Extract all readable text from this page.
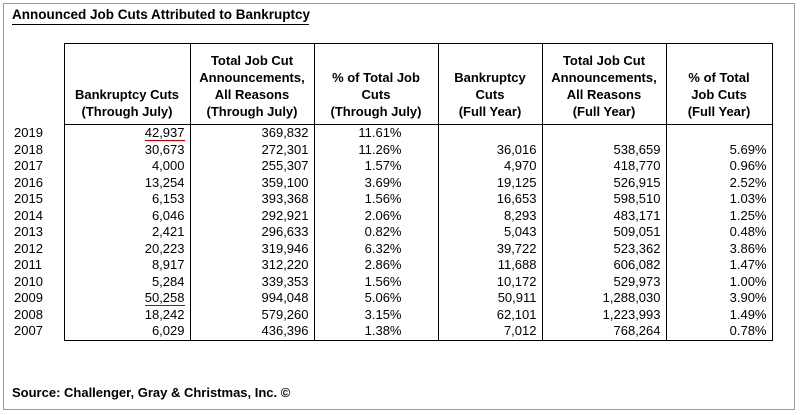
Announced Job Cuts Attributed to Bankruptcy
	Bankruptcy Cuts
(Through July)	Total Job Cut
Announcements,
All Reasons
(Through July)	% of Total Job
Cuts
(Through July)	Bankruptcy
Cuts
(Full Year)	Total Job Cut
Announcements,
All Reasons
(Full Year)	% of Total
Job Cuts
(Full Year)
2019	42,937	369,832	11.61%			
2018	30,673	272,301	11.26%	36,016	538,659	5.69%
2017	4,000	255,307	1.57%	4,970	418,770	0.96%
2016	13,254	359,100	3.69%	19,125	526,915	2.52%
2015	6,153	393,368	1.56%	16,653	598,510	1.03%
2014	6,046	292,921	2.06%	8,293	483,171	1.25%
2013	2,421	296,633	0.82%	5,043	509,051	0.48%
2012	20,223	319,946	6.32%	39,722	523,362	3.86%
2011	8,917	312,220	2.86%	11,688	606,082	1.47%
2010	5,284	339,353	1.56%	10,172	529,973	1.00%
2009	50,258	994,048	5.06%	50,911	1,288,030	3.90%
2008	18,242	579,260	3.15%	62,101	1,223,993	1.49%
2007	6,029	436,396	1.38%	7,012	768,264	0.78%
Source: Challenger, Gray & Christmas, Inc. ©
